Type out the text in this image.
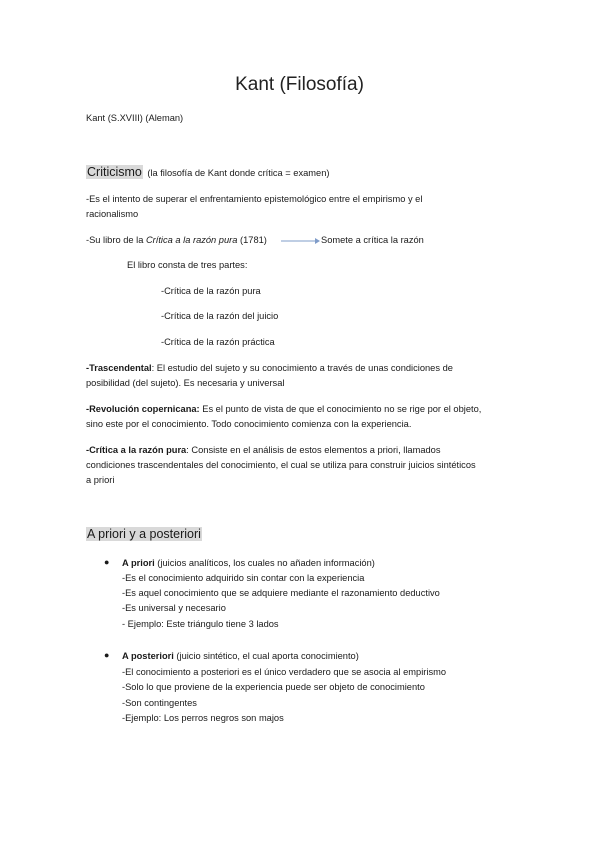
Kant (Filosofía)
Kant (S.XVIII) (Aleman)
Criticismo (la filosofía de Kant donde crítica = examen)
-Es el intento de superar el enfrentamiento epistemológico entre el empirismo y el
racionalismo
-Su libro de la Crítica a la razón pura (1781)	Somete a crítica la razón
El libro consta de tres partes:
-Crítica de la razón pura
-Crítica de la razón del juicio
-Crítica de la razón práctica
-Trascendental: El estudio del sujeto y su conocimiento a través de unas condiciones de
posibilidad (del sujeto). Es necesaria y universal
-Revolución copernicana: Es el punto de vista de que el conocimiento no se rige por el objeto,
sino este por el conocimiento. Todo conocimiento comienza con la experiencia.
-Crítica a la razón pura: Consiste en el análisis de estos elementos a priori, llamados
condiciones trascendentales del conocimiento, el cual se utiliza para construir juicios sintéticos
a priori
A priori y a posteriori
● A priori (juicios analíticos, los cuales no añaden información)
-Es el conocimiento adquirido sin contar con la experiencia
-Es aquel conocimiento que se adquiere mediante el razonamiento deductivo
-Es universal y necesario
- Ejemplo: Este triángulo tiene 3 lados
● A posteriori (juicio sintético, el cual aporta conocimiento)
-El conocimiento a posteriori es el único verdadero que se asocia al empirismo
-Solo lo que proviene de la experiencia puede ser objeto de conocimiento
-Son contingentes
-Ejemplo: Los perros negros son majos
